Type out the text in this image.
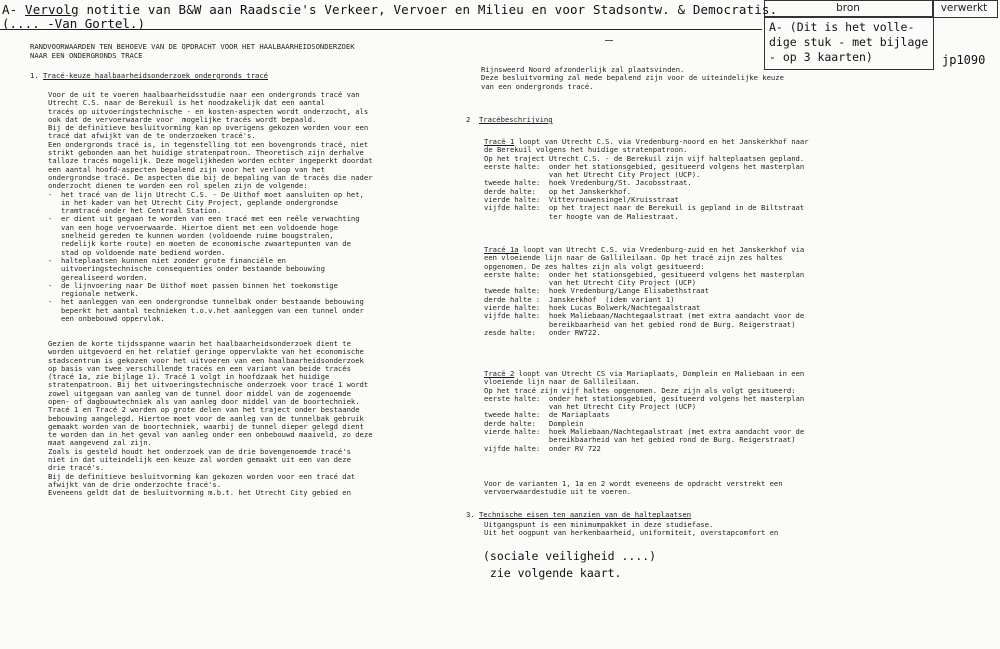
A- Vervolg notitie van B&W aan Raadscie's Verkeer, Vervoer en Milieu en voor Stadsontw. & Democratis.
(.... -Van Gortel.)
bron	verwerkt
A- (Dit is het volle-
dige stuk - met bijlage
- op 3 kaarten)	jp1090
RANDVOORWAARDEN TEN BEHOEVE VAN DE OPDRACHT VOOR HET HAALBAARHEIDSONDERZOEK
NAAR EEN ONDERGRONDS TRACE
1. Tracé-keuze haalbaarheidsonderzoek ondergronds tracé
Voor de uit te voeren haalbaarheidsstudie naar een ondergronds tracé van
Utrecht C.S. naar de Berekuil is het noodzakelijk dat een aantal
tracés op uitvoeringstechnische - en kosten-aspecten wordt onderzocht, als
ook dat de vervoerwaarde voor  mogelijke tracés wordt bepaald.
Bij de definitieve besluitvorming kan op overigens gekozen worden voor een
tracé dat afwijkt van de te onderzoeken tracé's.
Een ondergronds tracé is, in tegenstelling tot een bovengronds tracé, niet
strikt gebonden aan het huidige stratenpatroon. Theoretisch zijn derhalve
talloze tracés mogelijk. Deze mogelijkheden worden echter ingeperkt doordat
een aantal hoofd-aspecten bepalend zijn voor het verloop van het
ondergrondse tracé. De aspecten die bij de bepaling van de tracés die nader
onderzocht dienen te worden een rol spelen zijn de volgende:
-  het tracé van de lijn Utrecht C.S. - De Uithof moet aansluiten op het,
in het kader van het Utrecht City Project, geplande ondergrondse
tramtracé onder het Centraal Station.
-  er dient uit gegaan te worden van een tracé met een reële verwachting
van een hoge vervoerwaarde. Hiertoe dient met een voldoende hoge
snelheid gereden te kunnen worden (voldoende ruime bougstralen,
redelijk korte route) en moeten de economische zwaartepunten van de
stad op voldoende mate bediend worden.
-  halteplaatsen kunnen niet zonder grote financiële en
uitvoeringstechnische consequenties onder bestaande bebouwing
gerealiseerd worden.
-  de lijnvoering naar De Uithof moet passen binnen het toekomstige
regionale netwerk.
-  het aanleggen van een ondergrondse tunnelbak onder bestaande bebouwing
beperkt het aantal technieken t.o.v.het aanleggen van een tunnel onder
een onbebouwd oppervlak.

Gezien de korte tijdsspanne waarin het haalbaarheidsonderzoek dient te
worden uitgevoerd en het relatief geringe oppervlakte van het economische
stadscentrum is gekozen voor het uitvoeren van een haalbaarheidsonderzoek
op basis van twee verschillende tracés en een variant van beide tracés
(tracé 1a, zie bijlage 1). Tracé 1 volgt in hoofdzaak het huidige
stratenpatroon. Bij het uitvoeringstechnische onderzoek voor tracé 1 wordt
zowel uitgegaan van aanleg van de tunnel door middel van de zogenoemde
open- of dagbouwtechniek als van aanleg door middel van de boortechniek.
Tracé 1 en Tracé 2 worden op grote delen van het traject onder bestaande
bebouwing aangelegd. Hiertoe moet voor de aanleg van de tunnelbak gebruik
gemaakt worden van de boortechniek, waarbij de tunnel dieper gelegd dient
te worden dan in het geval van aanleg onder een onbebouwd maaiveld, zo deze
maat aangevend zal zijn.
Zoals is gesteld houdt het onderzoek van de drie bovengenoemde tracé's
niet in dat uiteindelijk een keuze zal worden gemaakt uit een van deze
drie tracé's.
Bij de definitieve besluitvorming kan gekozen worden voor een tracé dat
afwijkt van de drie onderzochte tracé's.
Eveneens geldt dat de besluitvorming m.b.t. het Utrecht City gebied en
Rijnsweerd Noord afzonderlijk zal plaatsvinden.
Deze besluitvorming zal mede bepalend zijn voor de uiteindelijke keuze
van een ondergronds tracé.
2  Tracébeschrijving
Tracé 1 loopt van Utrecht C.S. via Vredenburg-noord en het Janskerkhof naar
de Berekuil volgens het huidige stratenpatroon.
Op het traject Utrecht C.S. - de Berekuil zijn vijf halteplaatsen gepland.
eerste halte:  onder het stationsgebied, gesitueerd volgens het masterplan
van het Utrecht City Project (UCP).
tweede halte:  hoek Vredenburg/St. Jacobsstraat.
derde halte:   op het Janskerkhof.
vierde halte:  Vittevrouwensingel/Kruisstraat
vijfde halte:  op het traject naar de Berekuil is gepland in de Biltstraat
ter hoogte van de Maliestraat.
Tracé 1a loopt van Utrecht C.S. via Vredenburg-zuid en het Janskerkhof via
een vloeiende lijn naar de Gallileilaan. Op het tracé zijn zes haltes
opgenomen. De zes haltes zijn als volgt gesitueerd:
eerste halte:  onder het stationsgebied, gesitueerd volgens het masterplan
van het Utrecht City Project (UCP)
tweede halte:  hoek Vredenburg/Lange Elisabethstraat
derde halte :  Janskerkhof  (idem variant 1)
vierde halte:  hoek Lucas Bolwerk/Nachtegaalstraat
vijfde halte:  hoek Maliebaan/Nachtegaalstraat (met extra aandacht voor de
bereikbaarheid van het gebied rond de Burg. Reigerstraat)
zesde halte:   onder RW722.
Tracé 2 loopt van Utrecht CS via Mariaplaats, Domplein en Maliebaan in een
vloeiende lijn naar de Gallileilaan.
Op het tracé zijn vijf haltes opgenomen. Deze zijn als volgt gesitueerd:
eerste halte:  onder het stationsgebied, gesitueerd volgens het masterplan
van het Utrecht City Project (UCP)
tweede halte:  de Mariaplaats
derde halte:   Domplein
vierde halte:  hoek Maliebaan/Nachtegaalstraat (met extra aandacht voor de
bereikbaarheid van het gebied rond de Burg. Reigerstraat)
vijfde halte:  onder RV 722
Voor de varianten 1, 1a en 2 wordt eveneens de opdracht verstrekt een
vervoerwaardestudie uit te voeren.
3. Technische eisen ten aanzien van de halteplaatsen
Uitgangspunt is een minimumpakket in deze studiefase.
Uit het oogpunt van herkenbaarheid, uniformiteit, overstapcomfort en
(sociale veiligheid ....)
zie volgende kaart.
